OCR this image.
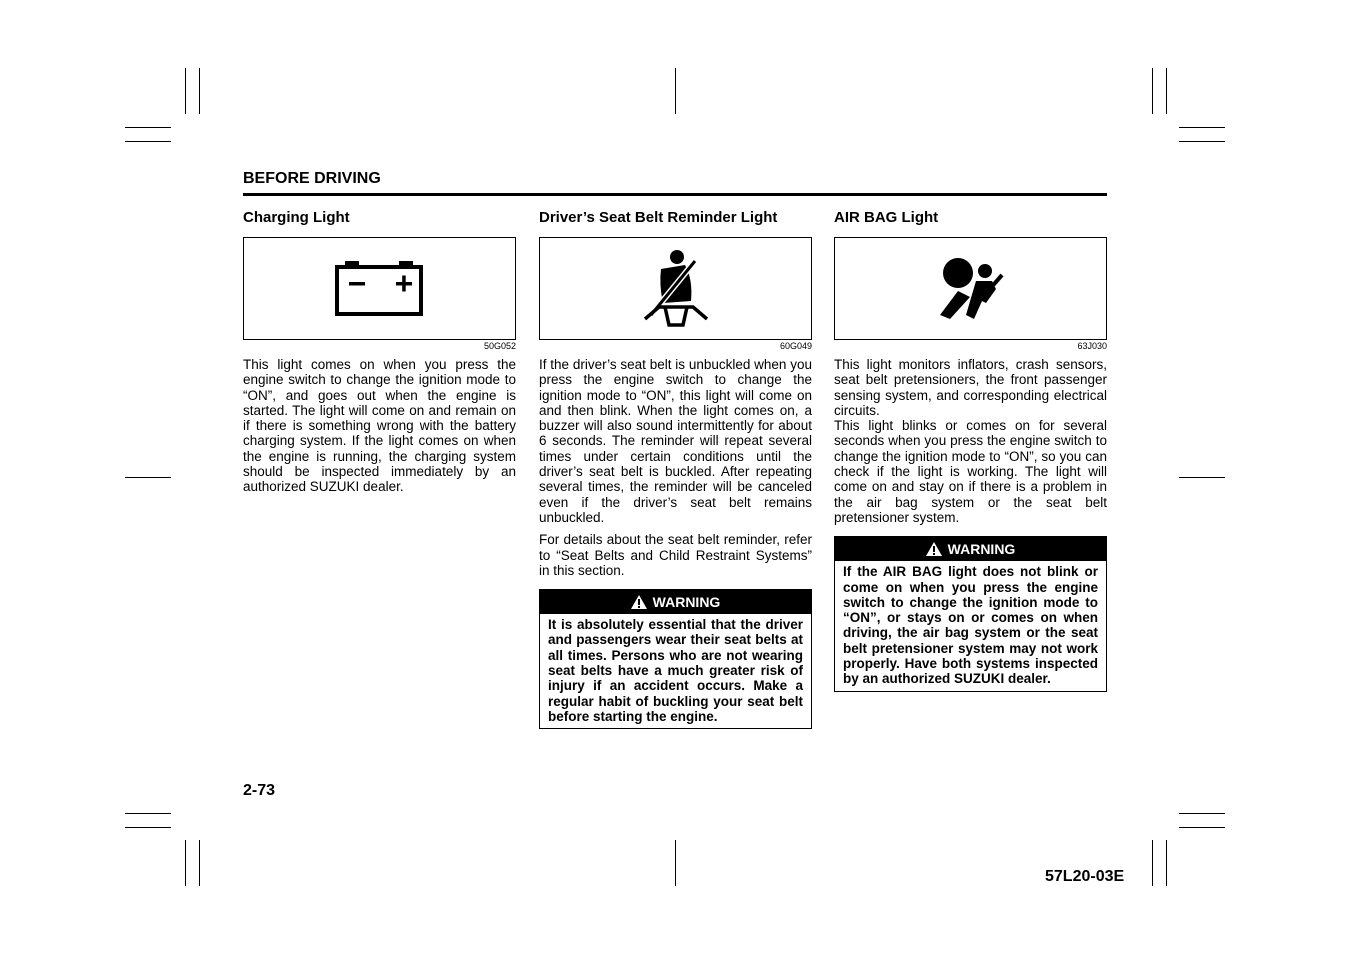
BEFORE DRIVING
Charging Light
50G052

This light comes on when you press the engine switch to change the ignition mode to “ON”, and goes out when the engine is started. The light will come on and remain on if there is something wrong with the battery charging system. If the light comes on when the engine is running, the charging system should be inspected immediately by an authorized SUZUKI dealer.

Driver’s Seat Belt Reminder Light
60G049

If the driver’s seat belt is unbuckled when you press the engine switch to change the ignition mode to “ON”, this light will come on and then blink. When the light comes on, a buzzer will also sound intermittently for about 6 seconds. The reminder will repeat several times under certain conditions until the driver’s seat belt is buckled. After repeating several times, the reminder will be canceled even if the driver’s seat belt remains unbuckled.

For details about the seat belt reminder, refer to “Seat Belts and Child Restraint Systems” in this section.

WARNING
It is absolutely essential that the driver and passengers wear their seat belts at all times. Persons who are not wearing seat belts have a much greater risk of injury if an accident occurs. Make a regular habit of buckling your seat belt before starting the engine.
AIR BAG Light
63J030

This light monitors inflators, crash sensors, seat belt pretensioners, the front passenger sensing system, and corresponding electrical circuits.

This light blinks or comes on for several seconds when you press the engine switch to change the ignition mode to “ON”, so you can check if the light is working. The light will come on and stay on if there is a problem in the air bag system or the seat belt pretensioner system.

WARNING
If the AIR BAG light does not blink or come on when you press the engine switch to change the ignition mode to “ON”, or stays on or comes on when driving, the air bag system or the seat belt pretensioner system may not work properly. Have both systems inspected by an authorized SUZUKI dealer.
2-73
57L20-03E
